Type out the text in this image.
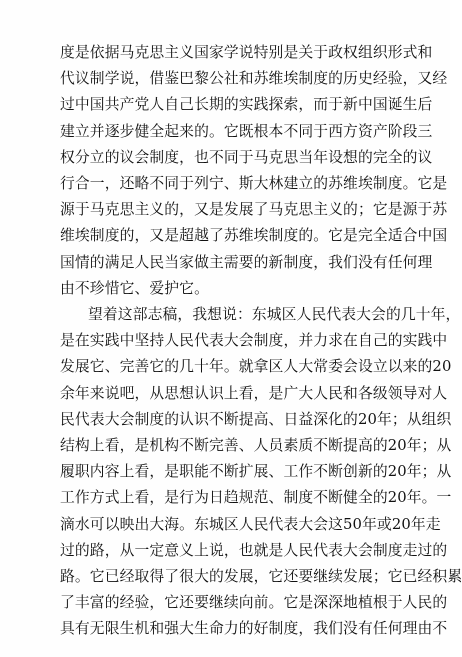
度是依据马克思主义国家学说特别是关于政权组织形式和
代议制学说，借鉴巴黎公社和苏维埃制度的历史经验，又经
过中国共产党人自己长期的实践探索，而于新中国诞生后
建立并逐步健全起来的。它既根本不同于西方资产阶段三
权分立的议会制度，也不同于马克思当年设想的完全的议
行合一，还略不同于列宁、斯大林建立的苏维埃制度。它是
源于马克思主义的，又是发展了马克思主义的；它是源于苏
维埃制度的，又是超越了苏维埃制度的。它是完全适合中国
国情的满足人民当家做主需要的新制度，我们没有任何理
由不珍惜它、爱护它。
望着这部志稿，我想说：东城区人民代表大会的几十年，
是在实践中坚持人民代表大会制度，并力求在自己的实践中
发展它、完善它的几十年。就拿区人大常委会设立以来的20
余年来说吧，从思想认识上看，是广大人民和各级领导对人
民代表大会制度的认识不断提高、日益深化的20年；从组织
结构上看，是机构不断完善、人员素质不断提高的20年；从
履职内容上看，是职能不断扩展、工作不断创新的20年；从
工作方式上看，是行为日趋规范、制度不断健全的20年。一
滴水可以映出大海。东城区人民代表大会这50年或20年走
过的路，从一定意义上说，也就是人民代表大会制度走过的
路。它已经取得了很大的发展，它还要继续发展；它已经积累
了丰富的经验，它还要继续向前。它是深深地植根于人民的
具有无限生机和强大生命力的好制度，我们没有任何理由不
